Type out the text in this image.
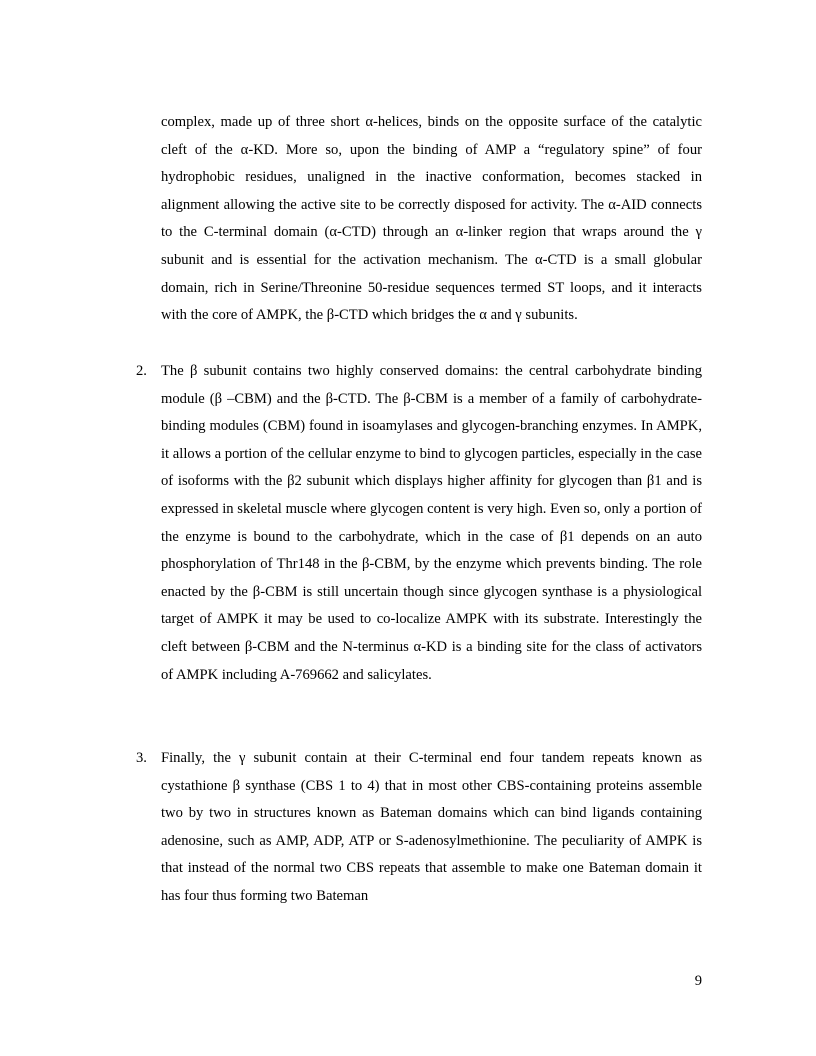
complex, made up of three short α-helices, binds on the opposite surface of the catalytic cleft of the α-KD. More so, upon the binding of AMP a “regulatory spine” of four hydrophobic residues, unaligned in the inactive conformation, becomes stacked in alignment allowing the active site to be correctly disposed for activity. The α-AID connects to the C-terminal domain (α-CTD) through an α-linker region that wraps around the γ subunit and is essential for the activation mechanism. The α-CTD is a small globular domain, rich in Serine/Threonine 50-residue sequences termed ST loops, and it interacts with the core of AMPK, the β-CTD which bridges the α and γ subunits.

2. The β subunit contains two highly conserved domains: the central carbohydrate binding module (β –CBM) and the β-CTD. The β-CBM is a member of a family of carbohydrate-binding modules (CBM) found in isoamylases and glycogen-branching enzymes. In AMPK, it allows a portion of the cellular enzyme to bind to glycogen particles, especially in the case of isoforms with the β2 subunit which displays higher affinity for glycogen than β1 and is expressed in skeletal muscle where glycogen content is very high. Even so, only a portion of the enzyme is bound to the carbohydrate, which in the case of β1 depends on an auto phosphorylation of Thr148 in the β-CBM, by the enzyme which prevents binding. The role enacted by the β-CBM is still uncertain though since glycogen synthase is a physiological target of AMPK it may be used to co-localize AMPK with its substrate. Interestingly the cleft between β-CBM and the N-terminus α-KD is a binding site for the class of activators of AMPK including A-769662 and salicylates.

3. Finally, the γ subunit contain at their C-terminal end four tandem repeats known as cystathione β synthase (CBS 1 to 4) that in most other CBS-containing proteins assemble two by two in structures known as Bateman domains which can bind ligands containing adenosine, such as AMP, ADP, ATP or S-adenosylmethionine. The peculiarity of AMPK is that instead of the normal two CBS repeats that assemble to make one Bateman domain it has four thus forming two Bateman

9
